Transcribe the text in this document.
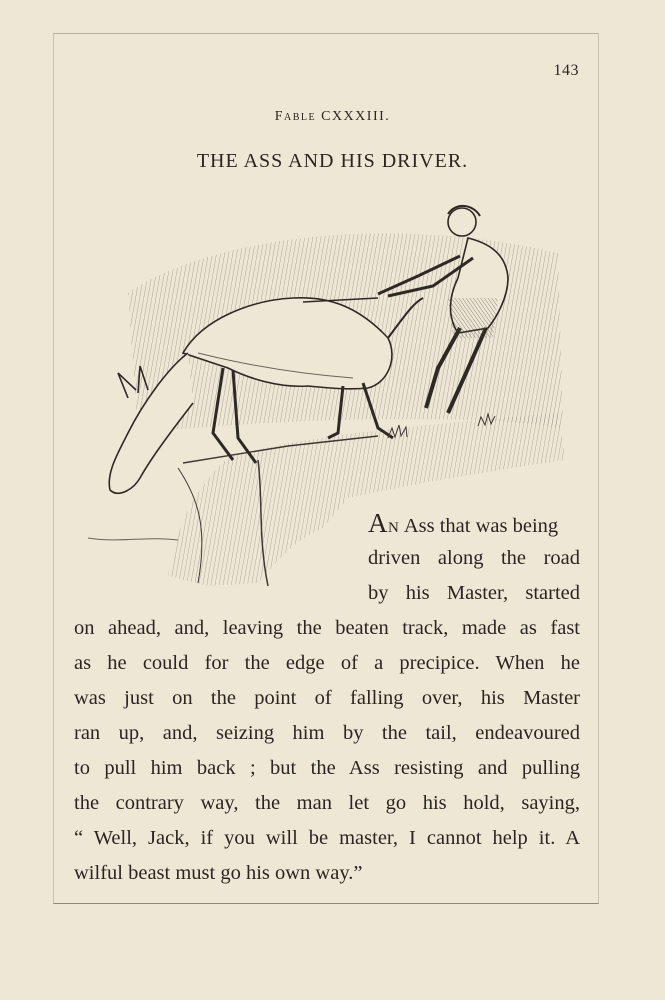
143
Fable CXXXIII.
THE ASS AND HIS DRIVER.
AN Ass that was being
driven along the road
by his Master, started
on ahead, and, leaving the beaten track, made as fast
as he could for the edge of a precipice. When he
was just on the point of falling over, his Master
ran up, and, seizing him by the tail, endeavoured
to pull him back ; but the Ass resisting and pulling
the contrary way, the man let go his hold, saying,
“ Well, Jack, if you will be master, I cannot help it. A
wilful beast must go his own way.”
